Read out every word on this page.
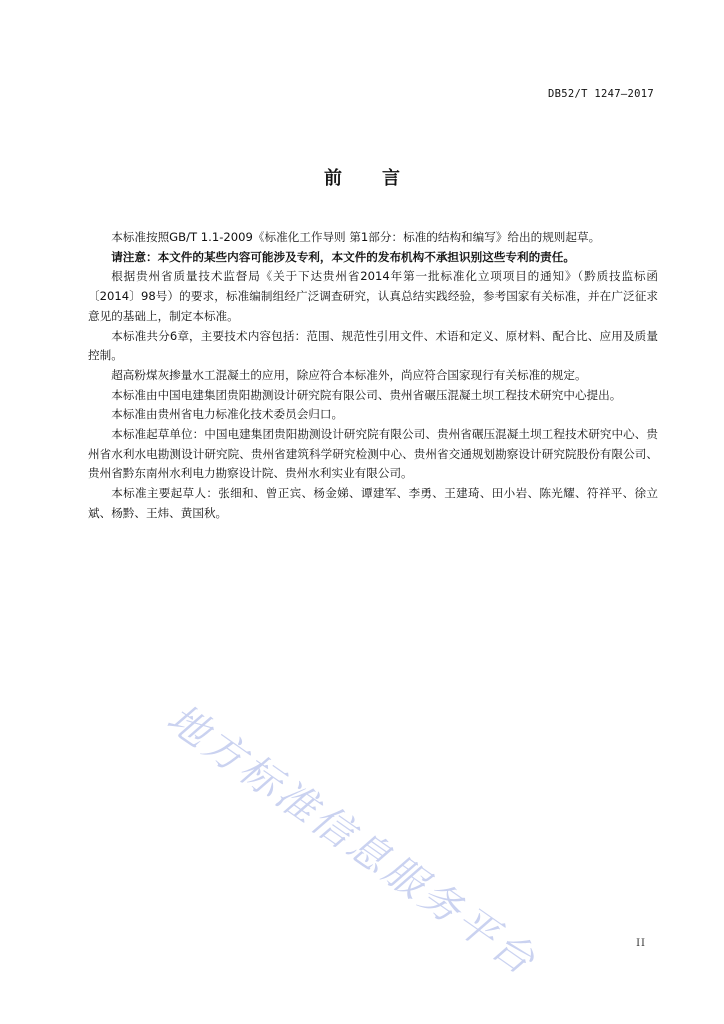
DB52/T 1247—2017
前言

本标准按照GB/T 1.1-2009《标准化工作导则 第1部分：标准的结构和编写》给出的规则起草。

请注意：本文件的某些内容可能涉及专利，本文件的发布机构不承担识别这些专利的责任。

根据贵州省质量技术监督局《关于下达贵州省2014年第一批标准化立项项目的通知》（黔质技监标函〔2014〕98号）的要求，标准编制组经广泛调查研究，认真总结实践经验，参考国家有关标准，并在广泛征求意见的基础上，制定本标准。

本标准共分6章，主要技术内容包括：范围、规范性引用文件、术语和定义、原材料、配合比、应用及质量控制。

超高粉煤灰掺量水工混凝土的应用，除应符合本标准外，尚应符合国家现行有关标准的规定。

本标准由中国电建集团贵阳勘测设计研究院有限公司、贵州省碾压混凝土坝工程技术研究中心提出。

本标准由贵州省电力标准化技术委员会归口。

本标准起草单位：中国电建集团贵阳勘测设计研究院有限公司、贵州省碾压混凝土坝工程技术研究中心、贵州省水利水电勘测设计研究院、贵州省建筑科学研究检测中心、贵州省交通规划勘察设计研究院股份有限公司、贵州省黔东南州水利电力勘察设计院、贵州水利实业有限公司。

本标准主要起草人：张细和、曾正宾、杨金娣、谭建军、李勇、王建琦、田小岩、陈光耀、符祥平、徐立斌、杨黔、王炜、黄国秋。

地方标准信息服务平台	II
